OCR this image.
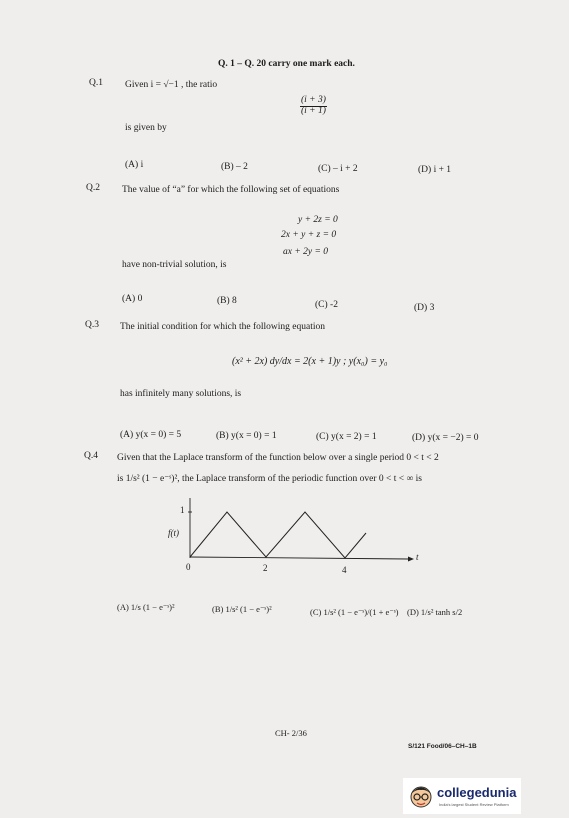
Q. 1 – Q. 20 carry one mark each.
Q.1 Given i = √−1 , the ratio
$\frac{(i + 3)}{(i + 1)}$
is given by
(A) i	(B) – 2	(C) – i + 2	(D) i + 1
Q.2 The value of “a” for which the following set of equations
y + 2z = 0
2x + y + z = 0
ax + 2y = 0
have non-trivial solution, is
(A) 0	(B) 8	(C) -2	(D) 3
Q.3 The initial condition for which the following equation
(x² + 2x) dy/dx = 2(x + 1)y ; y(x₀) = y₀
has infinitely many solutions, is
(A) y(x = 0) = 5	(B) y(x = 0) = 1	(C) y(x = 2) = 1	(D) y(x = −2) = 0
Q.4 Given that the Laplace transform of the function below over a single period 0 < t < 2
is 1/s² (1 − e⁻ˢ)², the Laplace transform of the periodic function over 0 < t < ∞ is
1
f(t)
0	2	4
t
(A) 1/s (1 − e⁻ˢ)²	(B) 1/s² (1 − e⁻ˢ)²	(C) 1/s² (1 − e⁻ˢ)/(1 + e⁻ˢ) (D) 1/s² tanh s/2
CH- 2/36
S/121 Food/06–CH–1B
collegedunia
India's largest Student Review Platform
